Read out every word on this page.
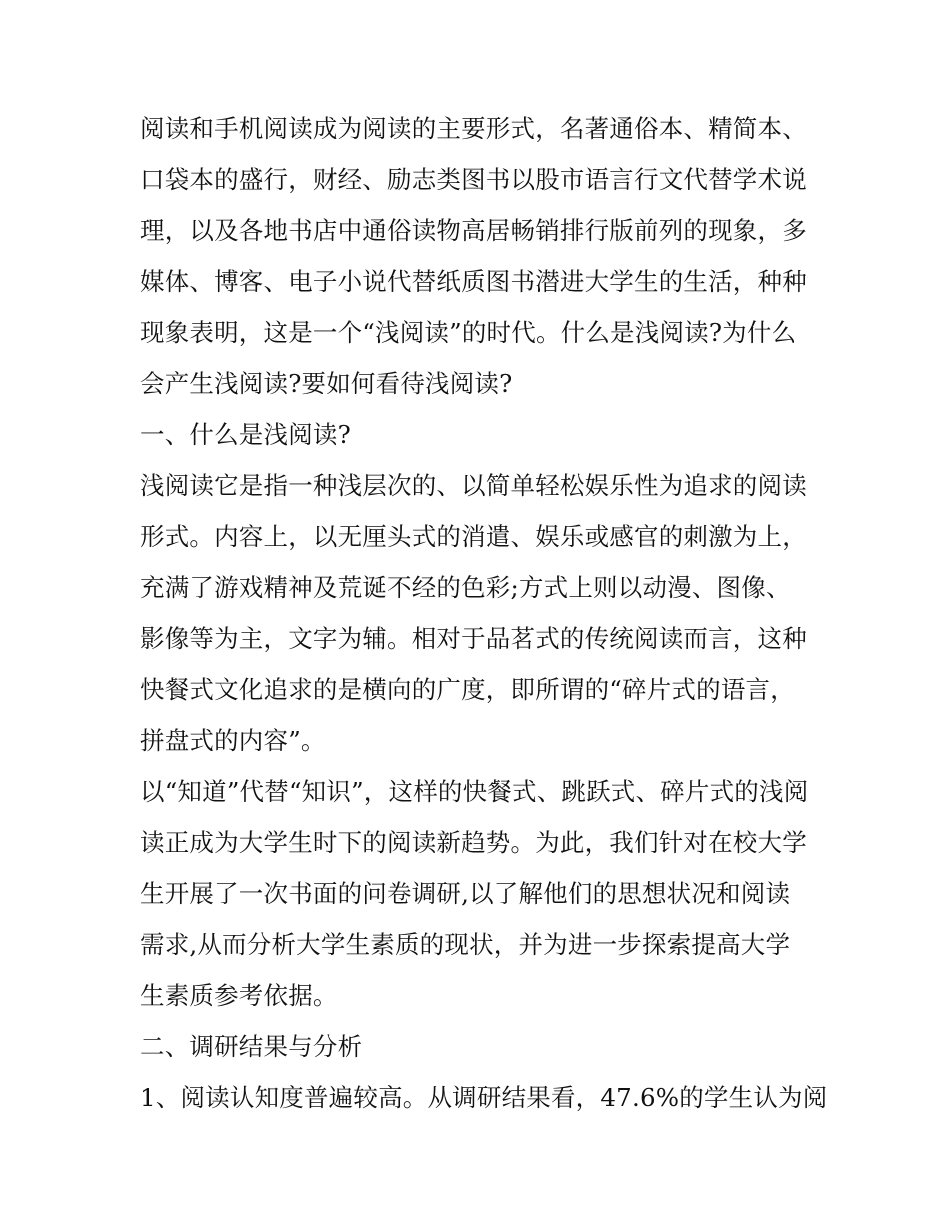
阅读和手机阅读成为阅读的主要形式，名著通俗本、精简本、
口袋本的盛行，财经、励志类图书以股市语言行文代替学术说
理，以及各地书店中通俗读物高居畅销排行版前列的现象，多
媒体、博客、电子小说代替纸质图书潜进大学生的生活，种种
现象表明，这是一个“浅阅读”的时代。什么是浅阅读?为什么
会产生浅阅读?要如何看待浅阅读?
一、什么是浅阅读?
浅阅读它是指一种浅层次的、以简单轻松娱乐性为追求的阅读
形式。内容上，以无厘头式的消遣、娱乐或感官的刺激为上，
充满了游戏精神及荒诞不经的色彩;方式上则以动漫、图像、
影像等为主，文字为辅。相对于品茗式的传统阅读而言，这种
快餐式文化追求的是横向的广度，即所谓的“碎片式的语言，
拼盘式的内容”。
以“知道”代替“知识”，这样的快餐式、跳跃式、碎片式的浅阅
读正成为大学生时下的阅读新趋势。为此，我们针对在校大学
生开展了一次书面的问卷调研,以了解他们的思想状况和阅读
需求,从而分析大学生素质的现状，并为进一步探索提高大学
生素质参考依据。
二、调研结果与分析
1、阅读认知度普遍较高。从调研结果看，47.6%的学生认为阅
